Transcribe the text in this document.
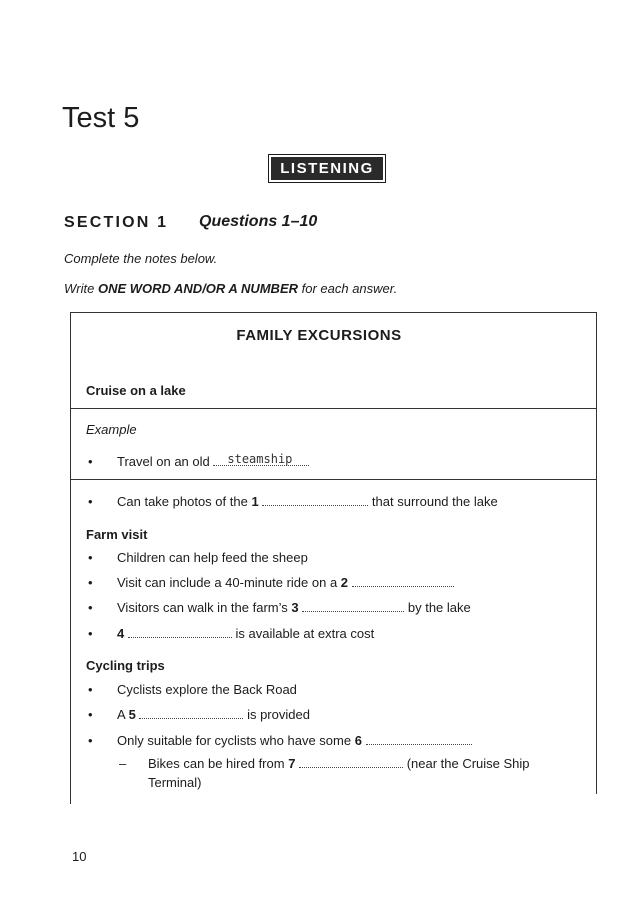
Test 5
LISTENING
SECTION 1 Questions 1–10
Complete the notes below.
Write ONE WORD AND/OR A NUMBER for each answer.
FAMILY EXCURSIONS
Cruise on a lake
Example
• Travel on an old steamship
• Can take photos of the 1	that surround the lake
Farm visit
• Children can help feed the sheep
• Visit can include a 40-minute ride on a 2
• Visitors can walk in the farm’s 3	by the lake
• 4	is available at extra cost
Cycling trips
• Cyclists explore the Back Road
• A 5	is provided
• Only suitable for cyclists who have some 6
– Bikes can be hired from 7	(near the Cruise Ship
Terminal)
10
